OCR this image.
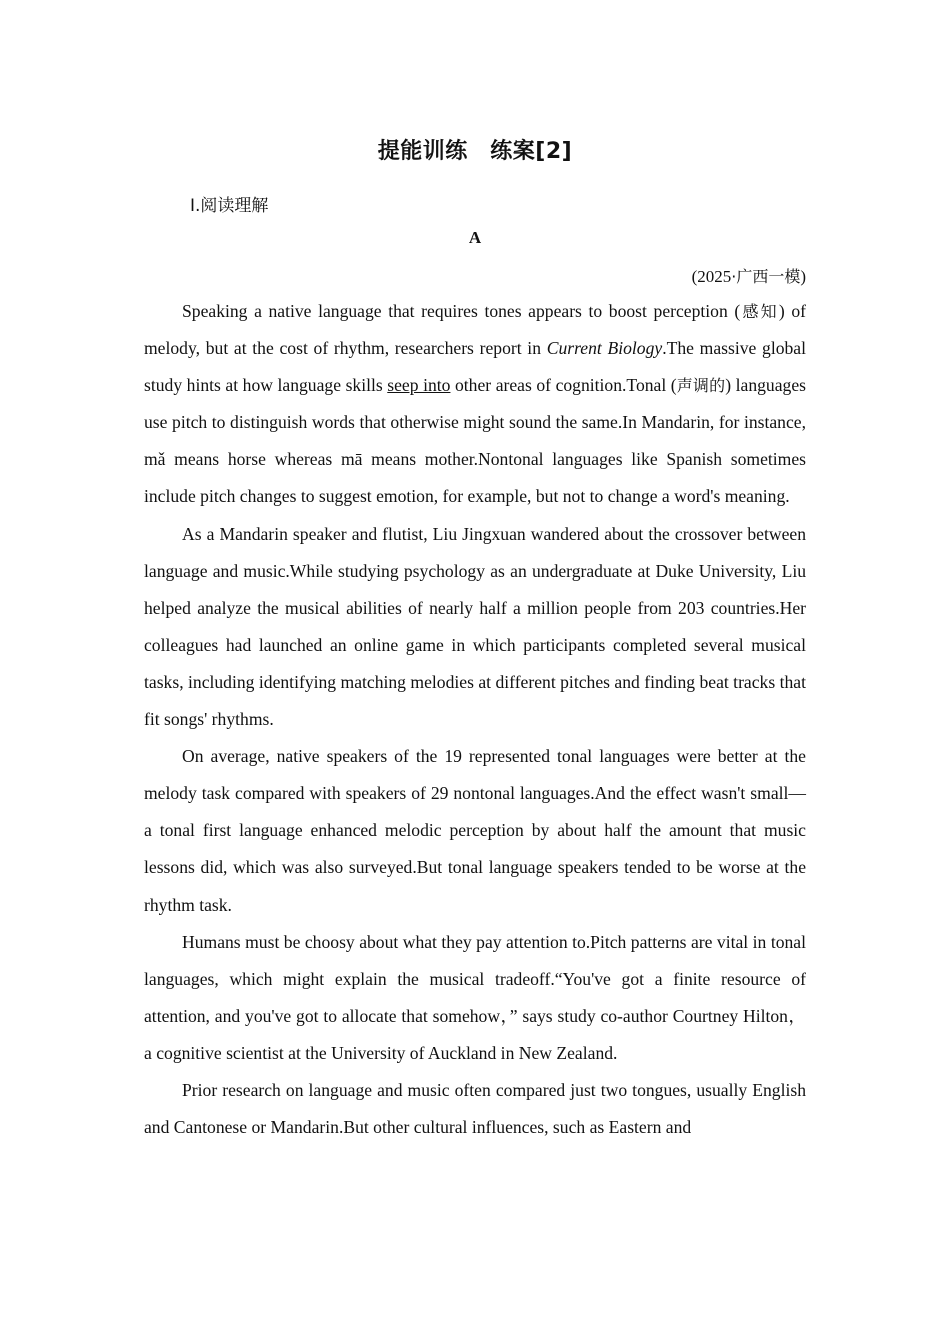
提能训练　练案[2]
Ⅰ.阅读理解
A
(2025·广西一模)

Speaking a native language that requires tones appears to boost perception (感知) of melody, but at the cost of rhythm, researchers report in Current Biology.The massive global study hints at how language skills seep into other areas of cognition.Tonal (声调的) languages use pitch to distinguish words that otherwise might sound the same.In Mandarin, for instance, mǎ means horse whereas mā means mother.Nontonal languages like Spanish sometimes include pitch changes to suggest emotion, for example, but not to change a word's meaning.

As a Mandarin speaker and flutist, Liu Jingxuan wandered about the crossover between language and music.While studying psychology as an undergraduate at Duke University, Liu helped analyze the musical abilities of nearly half a million people from 203 countries.Her colleagues had launched an online game in which participants completed several musical tasks, including identifying matching melodies at different pitches and finding beat tracks that fit songs' rhythms.

On average, native speakers of the 19 represented tonal languages were better at the melody task compared with speakers of 29 nontonal languages.And the effect wasn't small—a tonal first language enhanced melodic perception by about half the amount that music lessons did, which was also surveyed.But tonal language speakers tended to be worse at the rhythm task.

Humans must be choosy about what they pay attention to.Pitch patterns are vital in tonal languages, which might explain the musical tradeoff.“You've got a finite resource of attention, and you've got to allocate that somehow，” says study co-author Courtney Hilton，a cognitive scientist at the University of Auckland in New Zealand.

Prior research on language and music often compared just two tongues, usually English and Cantonese or Mandarin.But other cultural influences, such as Eastern and
